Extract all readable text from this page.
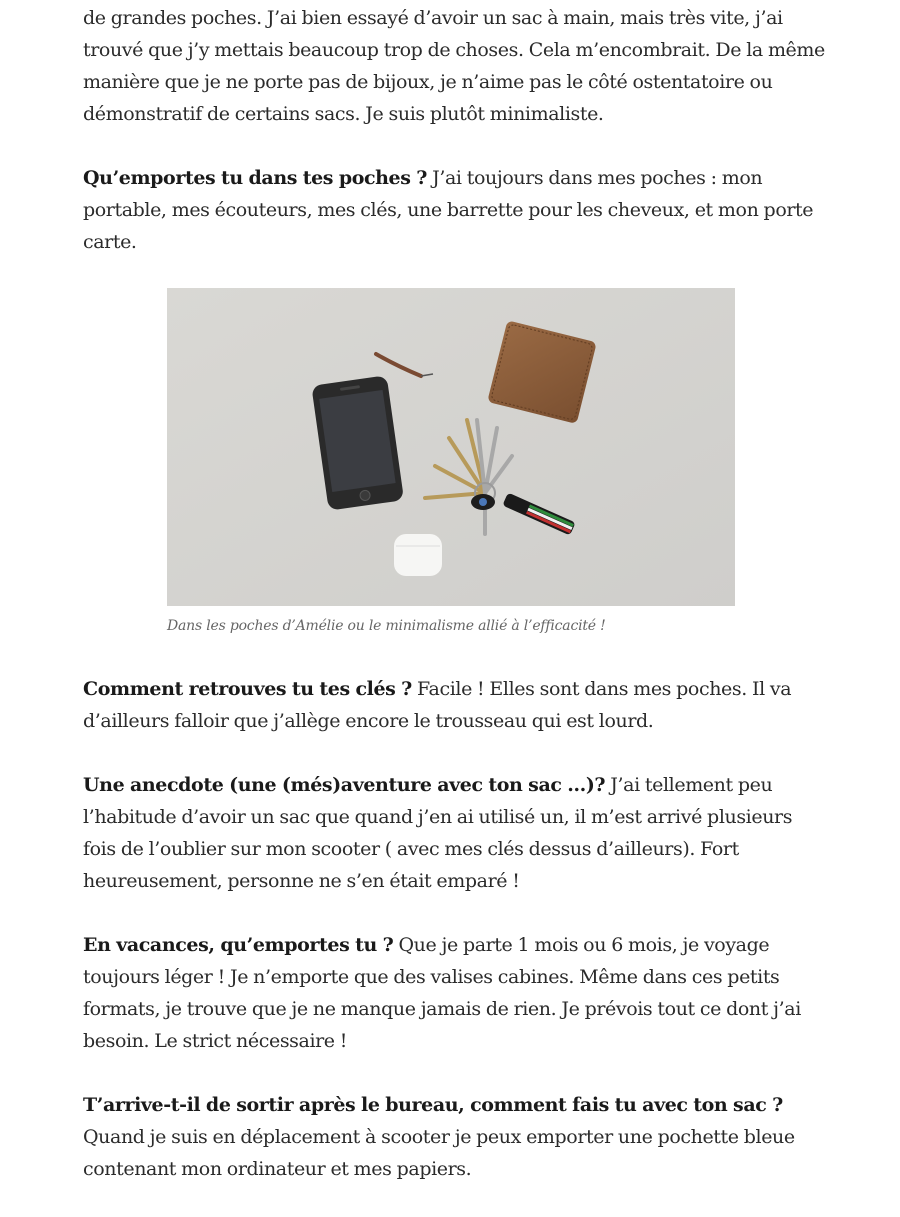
de grandes poches. J’ai bien essayé d’avoir un sac à main, mais très vite, j’ai trouvé que j’y mettais beaucoup trop de choses. Cela m’encombrait. De la même manière que je ne porte pas de bijoux, je n’aime pas le côté ostentatoire ou démonstratif de certains sacs. Je suis plutôt minimaliste.

Qu’emportes tu dans tes poches ? J’ai toujours dans mes poches : mon portable, mes écouteurs, mes clés, une barrette pour les cheveux, et mon porte carte.

Dans les poches d’Amélie ou le minimalisme allié à l’efficacité !

Comment retrouves tu tes clés ? Facile ! Elles sont dans mes poches. Il va d’ailleurs falloir que j’allège encore le trousseau qui est lourd.

Une anecdote (une (més)aventure avec ton sac …)? J’ai tellement peu l’habitude d’avoir un sac que quand j’en ai utilisé un, il m’est arrivé plusieurs fois de l’oublier sur mon scooter ( avec mes clés dessus d’ailleurs). Fort heureusement, personne ne s’en était emparé !

En vacances, qu’emportes tu ? Que je parte 1 mois ou 6 mois, je voyage toujours léger ! Je n’emporte que des valises cabines. Même dans ces petits formats, je trouve que je ne manque jamais de rien. Je prévois tout ce dont j’ai besoin. Le strict nécessaire !

T’arrive-t-il de sortir après le bureau, comment fais tu avec ton sac ? Quand je suis en déplacement à scooter je peux emporter une pochette bleue contenant mon ordinateur et mes papiers.
